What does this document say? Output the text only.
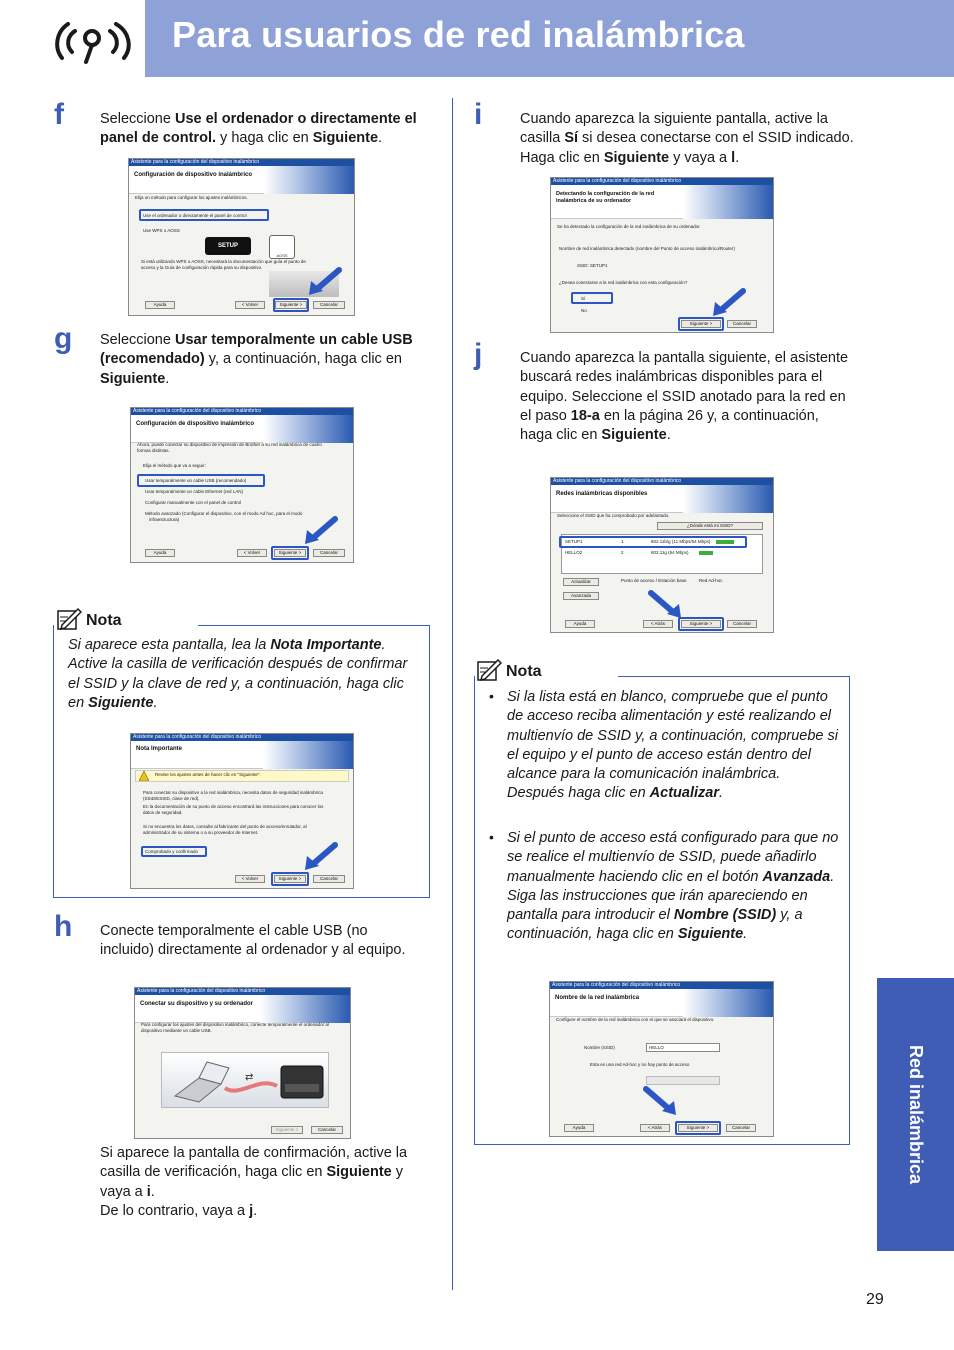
Para usuarios de red inalámbrica
f Seleccione Use el ordenador o directamente el panel de control. y haga clic en Siguiente.
Asistente para la configuración del dispositivo inalámbrico
Configuración de dispositivo inalámbrico
Elija un método para configurar los ajustes inalámbricos.
Use el ordenador o directamente el panel de control
Use WPS o AOSS
SETUP
AOSS
Si está utilizando WPS o AOSS, necesitará la documentación que guía el punto de
acceso y la Guía de configuración rápida para su dispositivo.
Ayuda	< Volver	Siguiente >	Cancelar
g Seleccione Usar temporalmente un cable USB (recomendado) y, a continuación, haga clic en Siguiente.
Asistente para la configuración del dispositivo inalámbrico
Configuración de dispositivo inalámbrico
Ahora, puede conectar su dispositivo de impresión de Brother a su red inalámbrica de cuatro
formas distintas.
Elija el método que va a seguir:
Usar temporalmente un cable USB (recomendado)
Usar temporalmente un cable Ethernet (red LAN)
Configurar manualmente con el panel de control
Método avanzado (Configurar el dispositivo, con el modo Ad hoc, para el modo
infraestructura)
Ayuda	< Volver	Siguiente >	Cancelar
Nota
Si aparece esta pantalla, lea la Nota Importante. Active la casilla de verificación después de confirmar el SSID y la clave de red y, a continuación, haga clic en Siguiente.
Asistente para la configuración del dispositivo inalámbrico
Nota Importante
Revise los ajustes antes de hacer clic en "Siguiente".
Para conectar su dispositivo a la red inalámbrica, necesita datos de seguridad inalámbrica
(SSID/ESSID, clave de red).
En la documentación de su punto de acceso encontrará las instrucciones para conocer los
datos de seguridad.
Si no encuentra los datos, consulte al fabricante del punto de acceso/enrutador, al
administrador de su sistema o a su proveedor de Internet.
Comprobado y confirmado
< Volver	Siguiente >	Cancelar
h Conecte temporalmente el cable USB (no incluido) directamente al ordenador y al equipo.
Asistente para la configuración del dispositivo inalámbrico
Conectar su dispositivo y su ordenador
Para configurar los ajustes del dispositivo inalámbrico, conecte temporalmente el ordenador al
dispositivo mediante un cable USB.
⇄
Siguiente >	Cancelar
Si aparece la pantalla de confirmación, active la casilla de verificación, haga clic en Siguiente y vaya a i.
De lo contrario, vaya a j.
i	Cuando aparezca la siguiente pantalla, active la casilla Sí si desea conectarse con el SSID indicado. Haga clic en Siguiente y vaya a l.
Asistente para la configuración del dispositivo inalámbrico
Detectando la configuración de la red inalámbrica de su ordenador
Se ha detectado la configuración de la red inalámbrica de su ordenador.
Nombre de red inalámbrica detectado (nombre del Punto de acceso inalámbrico/Router)
SSID: SETUP1
¿Desea conectarse a la red inalámbrica con esta configuración?
Sí
No
Siguiente >	Cancelar
j	Cuando aparezca la pantalla siguiente, el asistente buscará redes inalámbricas disponibles para el equipo. Seleccione el SSID anotado para la red en el paso 18-a en la página 26 y, a continuación, haga clic en Siguiente.
Asistente para la configuración del dispositivo inalámbrico
Redes inalámbricas disponibles
Seleccione el SSID que ha comprobado por adelantado.
¿Dónde está mi SSID?
SETUP1	1	802.11b/g (11 Mbps/54 Mbps)
HELLO2	2	802.11g (54 Mbps)
Actualizar
Avanzada
Punto de acceso / Estación base	Red Ad-hoc
Ayuda	< Atrás	Siguiente >	Cancelar
Nota
• Si la lista está en blanco, compruebe que el punto de acceso reciba alimentación y esté realizando el multienvío de SSID y, a continuación, compruebe si el equipo y el punto de acceso están dentro del alcance para la comunicación inalámbrica. Después haga clic en Actualizar.
• Si el punto de acceso está configurado para que no se realice el multienvío de SSID, puede añadirlo manualmente haciendo clic en el botón Avanzada. Siga las instrucciones que irán apareciendo en pantalla para introducir el Nombre (SSID) y, a continuación, haga clic en Siguiente.
Asistente para la configuración del dispositivo inalámbrico
Nombre de la red inalámbrica
Configure el nombre de la red inalámbrica con el que se asociará el dispositivo.
Nombre (SSID)	HELLO
Esta es una red Ad-hoc y no hay punto de acceso
Ayuda	< Atrás	Siguiente >	Cancelar	Red inalámbrica
29
